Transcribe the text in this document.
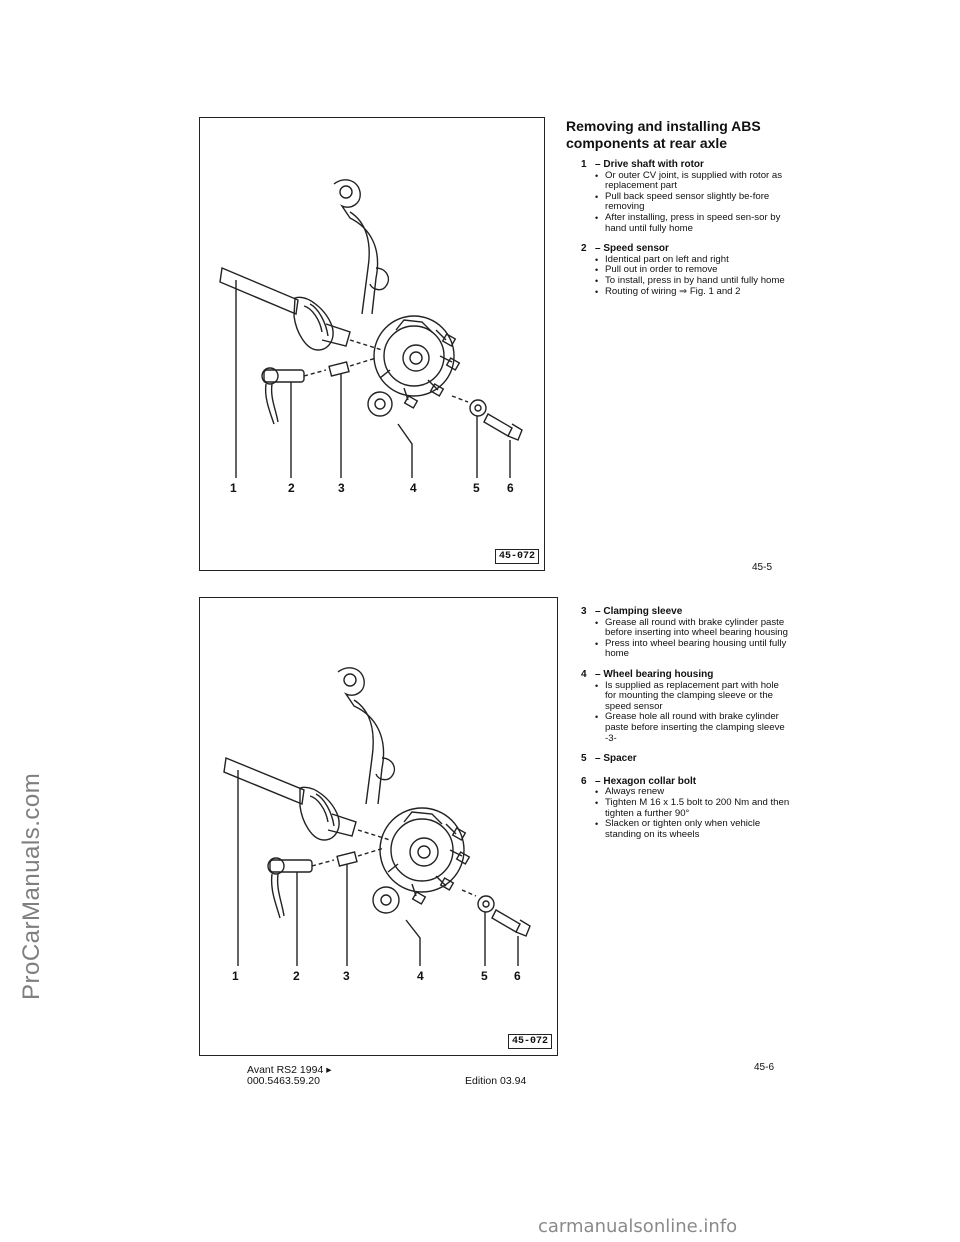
ProCarManuals.com
1	2	3	4	5 6
45-072
Removing and installing ABS components at rear axle
1 – Drive shaft with rotor
• Or outer CV joint, is supplied with rotor as replacement part
• Pull back speed sensor slightly be-fore removing
• After installing, press in speed sen-sor by hand until fully home
2 – Speed sensor
• Identical part on left and right
• Pull out in order to remove
• To install, press in by hand until fully home
• Routing of wiring ⇒ Fig. 1 and 2
45-5
1	2	3	4	5 6
45-072
3 – Clamping sleeve
• Grease all round with brake cylinder paste before inserting into wheel bearing housing
• Press into wheel bearing housing until fully home
4 – Wheel bearing housing
• Is supplied as replacement part with hole for mounting the clamping sleeve or the speed sensor
• Grease hole all round with brake cylinder paste before inserting the clamping sleeve -3-
5 – Spacer
6 – Hexagon collar bolt
• Always renew
• Tighten M 16 x 1.5 bolt to 200 Nm and then tighten a further 90°
• Slacken or tighten only when vehicle standing on its wheels
45-6
Avant RS2 1994 ▸
000.5463.59.20	Edition 03.94
carmanualsonline.info
